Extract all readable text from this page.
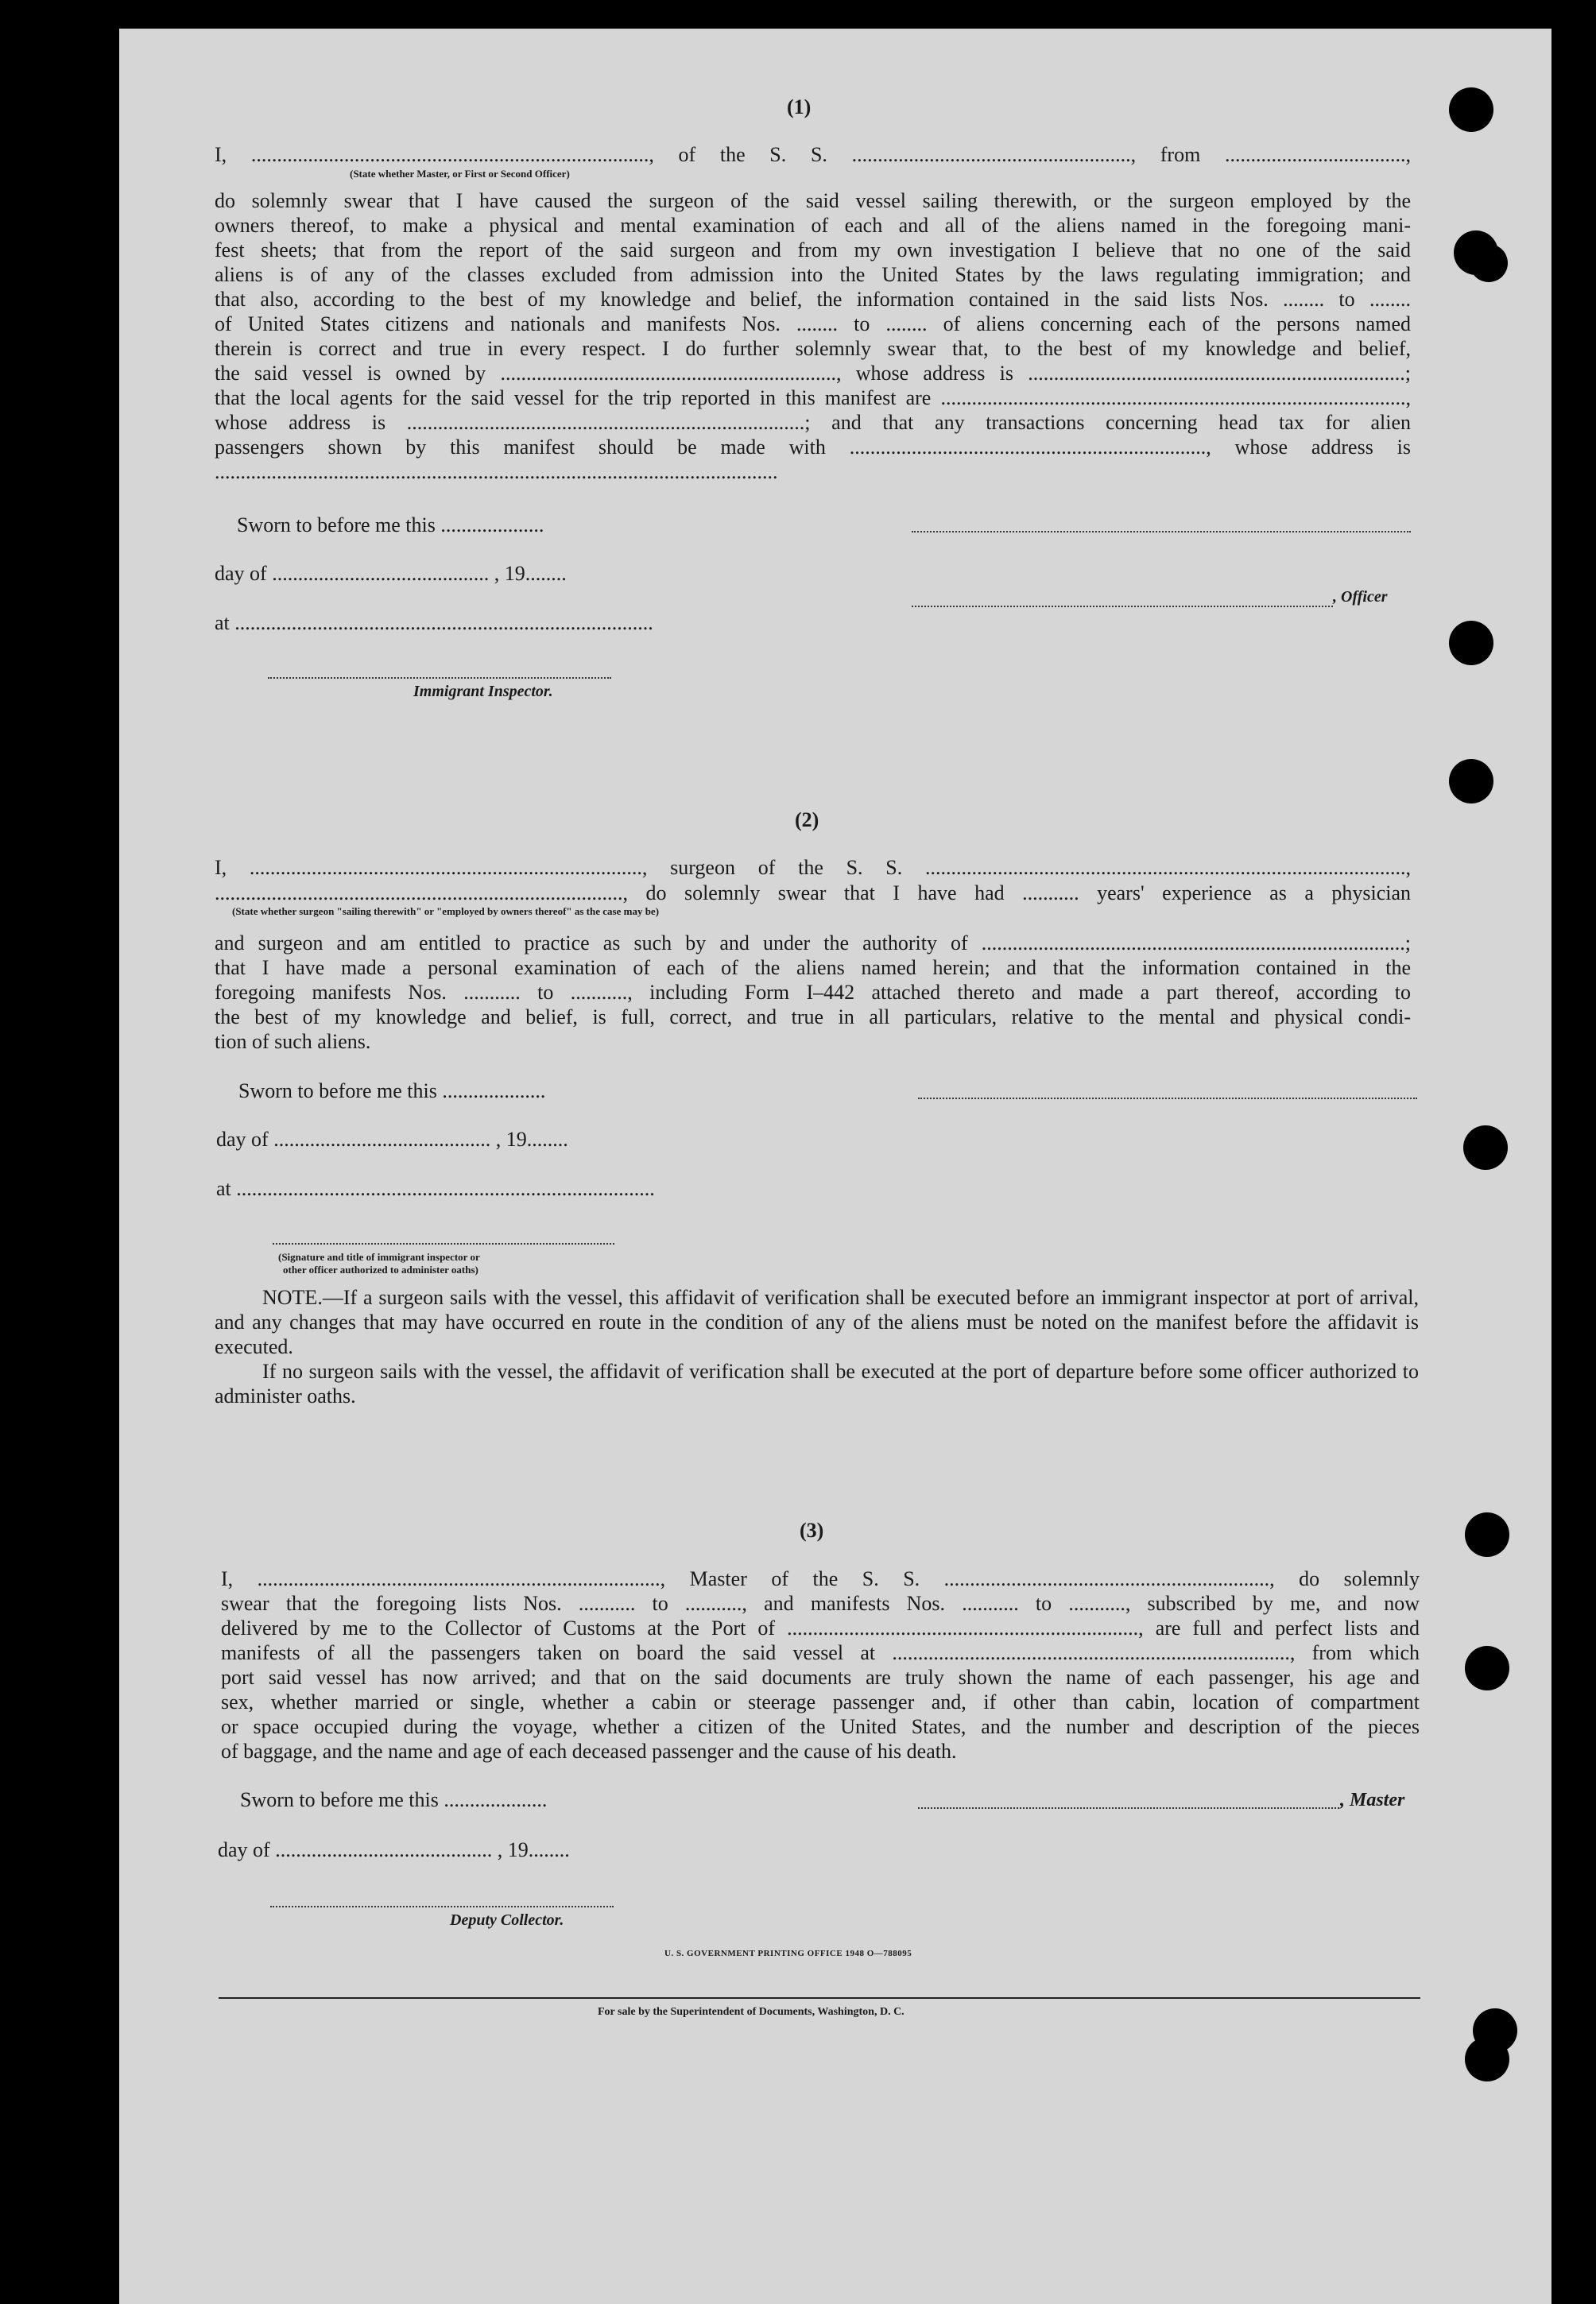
(1)
I, ............................................................................., of the S. S. ......................................................, from ...................................,
(State whether Master, or First or Second Officer)
do solemnly swear that I have caused the surgeon of the said vessel sailing therewith, or the surgeon employed by the
owners thereof, to make a physical and mental examination of each and all of the aliens named in the foregoing mani-
fest sheets; that from the report of the said surgeon and from my own investigation I believe that no one of the said
aliens is of any of the classes excluded from admission into the United States by the laws regulating immigration; and
that also, according to the best of my knowledge and belief, the information contained in the said lists Nos. ........ to ........
of United States citizens and nationals and manifests Nos. ........ to ........ of aliens concerning each of the persons named
therein is correct and true in every respect. I do further solemnly swear that, to the best of my knowledge and belief,
the said vessel is owned by ................................................................., whose address is .........................................................................;
that the local agents for the said vessel for the trip reported in this manifest are ..........................................................................................,
whose address is .............................................................................; and that any transactions concerning head tax for alien
passengers shown by this manifest should be made with ....................................................................., whose address is
.............................................................................................................
Sworn to before me this ....................
day of .......................................... , 19........
, Officer
at .................................................................................
Immigrant Inspector.
(2)
I, ............................................................................, surgeon of the S. S. .............................................................................................,
..............................................................................., do solemnly swear that I have had ........... years' experience as a physician
(State whether surgeon "sailing therewith" or "employed by owners thereof" as the case may be)
and surgeon and am entitled to practice as such by and under the authority of ..................................................................................;
that I have made a personal examination of each of the aliens named herein; and that the information contained in the
foregoing manifests Nos. ........... to ..........., including Form I–442 attached thereto and made a part thereof, according to
the best of my knowledge and belief, is full, correct, and true in all particulars, relative to the mental and physical condi-
tion of such aliens.
Sworn to before me this ....................
day of .......................................... , 19........
at .................................................................................
(Signature and title of immigrant inspector or
other officer authorized to administer oaths)
NOTE.—If a surgeon sails with the vessel, this affidavit of verification shall be executed before an immigrant inspector at port of arrival, and any changes that may have occurred en route in the condition of any of the aliens must be noted on the manifest before the affidavit is executed.
If no surgeon sails with the vessel, the affidavit of verification shall be executed at the port of departure before some officer authorized to administer oaths.
(3)
I, .............................................................................., Master of the S. S. ..............................................................., do solemnly
swear that the foregoing lists Nos. ........... to ..........., and manifests Nos. ........... to ..........., subscribed by me, and now
delivered by me to the Collector of Customs at the Port of ...................................................................., are full and perfect lists and
manifests of all the passengers taken on board the said vessel at ............................................................................., from which
port said vessel has now arrived; and that on the said documents are truly shown the name of each passenger, his age and
sex, whether married or single, whether a cabin or steerage passenger and, if other than cabin, location of compartment
or space occupied during the voyage, whether a citizen of the United States, and the number and description of the pieces
of baggage, and the name and age of each deceased passenger and the cause of his death.
Sworn to before me this ....................	, Master
day of .......................................... , 19........
Deputy Collector.
U. S. GOVERNMENT PRINTING OFFICE 1948 O—788095
For sale by the Superintendent of Documents, Washington, D. C.
